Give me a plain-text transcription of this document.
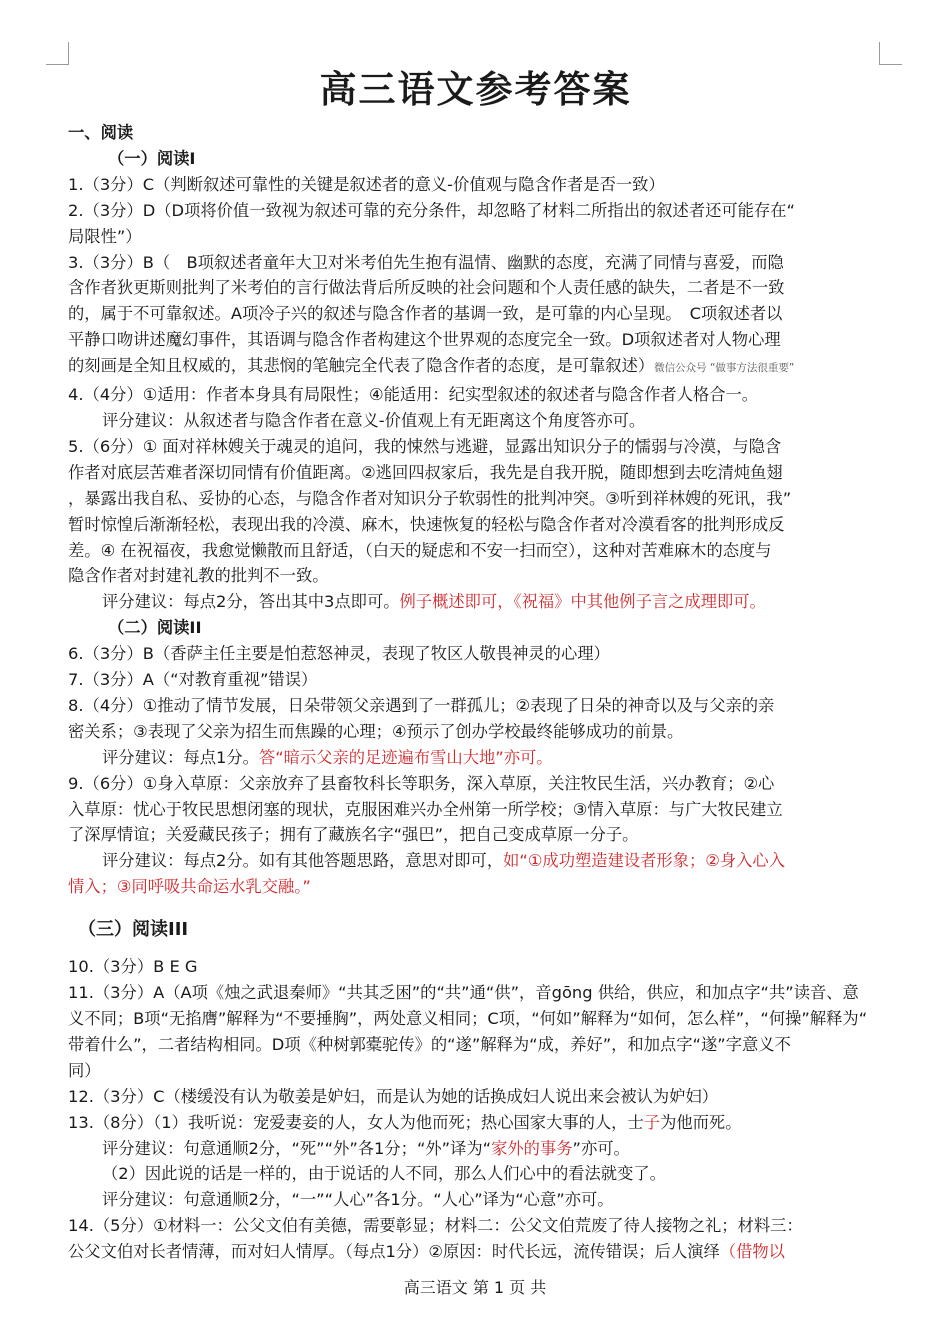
高三语文参考答案
一、阅读
（一）阅读I
1.（3分）C（判断叙述可靠性的关键是叙述者的意义-价值观与隐含作者是否一致）
2.（3分）D（D项将价值一致视为叙述可靠的充分条件，却忽略了材料二所指出的叙述者还可能存在“
局限性”）
3.（3分）B（　B项叙述者童年大卫对米考伯先生抱有温情、幽默的态度，充满了同情与喜爱，而隐
含作者狄更斯则批判了米考伯的言行做法背后所反映的社会问题和个人责任感的缺失，二者是不一致
的，属于不可靠叙述。A项冷子兴的叙述与隐含作者的基调一致，是可靠的内心呈现。　C项叙述者以
平静口吻讲述魔幻事件，其语调与隐含作者构建这个世界观的态度完全一致。D项叙述者对人物心理
的刻画是全知且权威的，其悲悯的笔触完全代表了隐含作者的态度，是可靠叙述）微信公众号 “做事方法很重要”
4.（4分）①适用：作者本身具有局限性；④能适用：纪实型叙述的叙述者与隐含作者人格合一。
评分建议：从叙述者与隐含作者在意义-价值观上有无距离这个角度答亦可。
5.（6分）① 面对祥林嫂关于魂灵的追问，我的悚然与逃避，显露出知识分子的懦弱与冷漠，与隐含
作者对底层苦难者深切同情有价值距离。②逃回四叔家后，我先是自我开脱，随即想到去吃清炖鱼翅
，暴露出我自私、妥协的心态，与隐含作者对知识分子软弱性的批判冲突。③听到祥林嫂的死讯，我”
暂时惊惶后渐渐轻松，表现出我的冷漠、麻木，快速恢复的轻松与隐含作者对冷漠看客的批判形成反
差。④ 在祝福夜，我愈觉懒散而且舒适，（白天的疑虑和不安一扫而空），这种对苦难麻木的态度与
隐含作者对封建礼教的批判不一致。
评分建议：每点2分，答出其中3点即可。例子概述即可，《祝福》中其他例子言之成理即可。
（二）阅读II
6.（3分）B（香萨主任主要是怕惹怒神灵，表现了牧区人敬畏神灵的心理）
7.（3分）A（“对教育重视”错误）
8.（4分）①推动了情节发展，日朵带领父亲遇到了一群孤儿；②表现了日朵的神奇以及与父亲的亲
密关系；③表现了父亲为招生而焦躁的心理；④预示了创办学校最终能够成功的前景。
评分建议：每点1分。答“暗示父亲的足迹遍布雪山大地”亦可。
9.（6分）①身入草原：父亲放弃了县畜牧科长等职务，深入草原，关注牧民生活，兴办教育；②心
入草原：忧心于牧民思想闭塞的现状，克服困难兴办全州第一所学校；③情入草原：与广大牧民建立
了深厚情谊；关爱藏民孩子；拥有了藏族名字“强巴”，把自己变成草原一分子。
评分建议：每点2分。如有其他答题思路，意思对即可，如“①成功塑造建设者形象；②身入心入
情入；③同呼吸共命运水乳交融。”
（三）阅读III
10.（3分）B E G
11.（3分）A（A项《烛之武退秦师》“共其乏困”的“共”通“供”，音gōng 供给，供应，和加点字“共”读音、意
义不同；B项“无掐膺”解释为“不要捶胸”，两处意义相同；C项，“何如”解释为“如何，怎么样”，“何操”解释为“
带着什么”，二者结构相同。D项《种树郭橐驼传》的“遂”解释为“成，养好”，和加点字“遂”字意义不
同）
12.（3分）C（楼缓没有认为敬姜是妒妇，而是认为她的话换成妇人说出来会被认为妒妇）
13.（8分）（1）我听说：宠爱妻妾的人，女人为他而死；热心国家大事的人，士子为他而死。
评分建议：句意通顺2分，“死”“外”各1分；“外”译为“家外的事务”亦可。
（2）因此说的话是一样的，由于说话的人不同，那么人们心中的看法就变了。
评分建议：句意通顺2分，“一”“人心”各1分。“人心”译为“心意”亦可。
14.（5分）①材料一：公父文伯有美德，需要彰显；材料二：公父文伯荒废了待人接物之礼；材料三：
公父文伯对长者情薄，而对妇人情厚。（每点1分）②原因：时代长远，流传错误；后人演绎（借物以
高三语文 第 1 页 共
